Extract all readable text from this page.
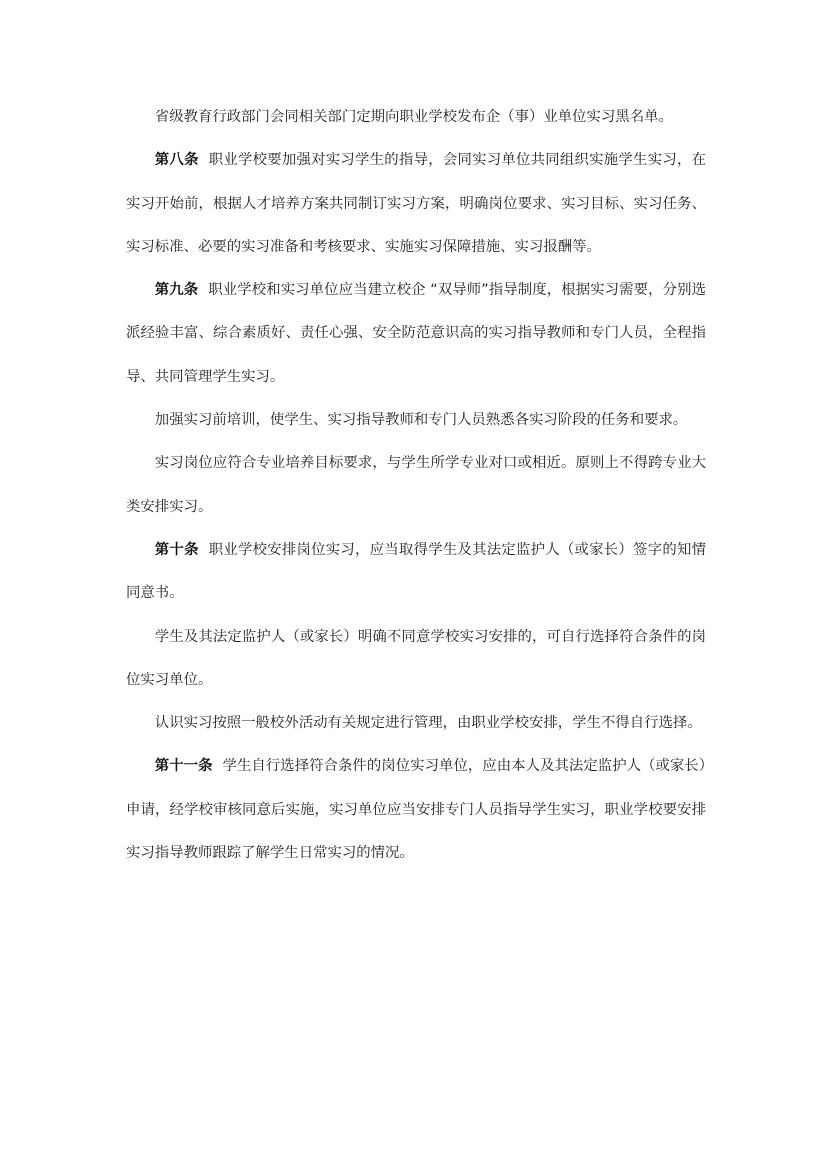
省级教育行政部门会同相关部门定期向职业学校发布企（事）业单位实习黑名单。

第八条 职业学校要加强对实习学生的指导，会同实习单位共同组织实施学生实习，在实习开始前，根据人才培养方案共同制订实习方案，明确岗位要求、实习目标、实习任务、实习标准、必要的实习准备和考核要求、实施实习保障措施、实习报酬等。

第九条 职业学校和实习单位应当建立校企 “双导师”指导制度，根据实习需要，分别选派经验丰富、综合素质好、责任心强、安全防范意识高的实习指导教师和专门人员，全程指导、共同管理学生实习。

加强实习前培训，使学生、实习指导教师和专门人员熟悉各实习阶段的任务和要求。

实习岗位应符合专业培养目标要求，与学生所学专业对口或相近。原则上不得跨专业大类安排实习。

第十条 职业学校安排岗位实习，应当取得学生及其法定监护人（或家长）签字的知情同意书。

学生及其法定监护人（或家长）明确不同意学校实习安排的，可自行选择符合条件的岗位实习单位。

认识实习按照一般校外活动有关规定进行管理，由职业学校安排，学生不得自行选择。

第十一条 学生自行选择符合条件的岗位实习单位，应由本人及其法定监护人（或家长）申请，经学校审核同意后实施，实习单位应当安排专门人员指导学生实习，职业学校要安排实习指导教师跟踪了解学生日常实习的情况。
